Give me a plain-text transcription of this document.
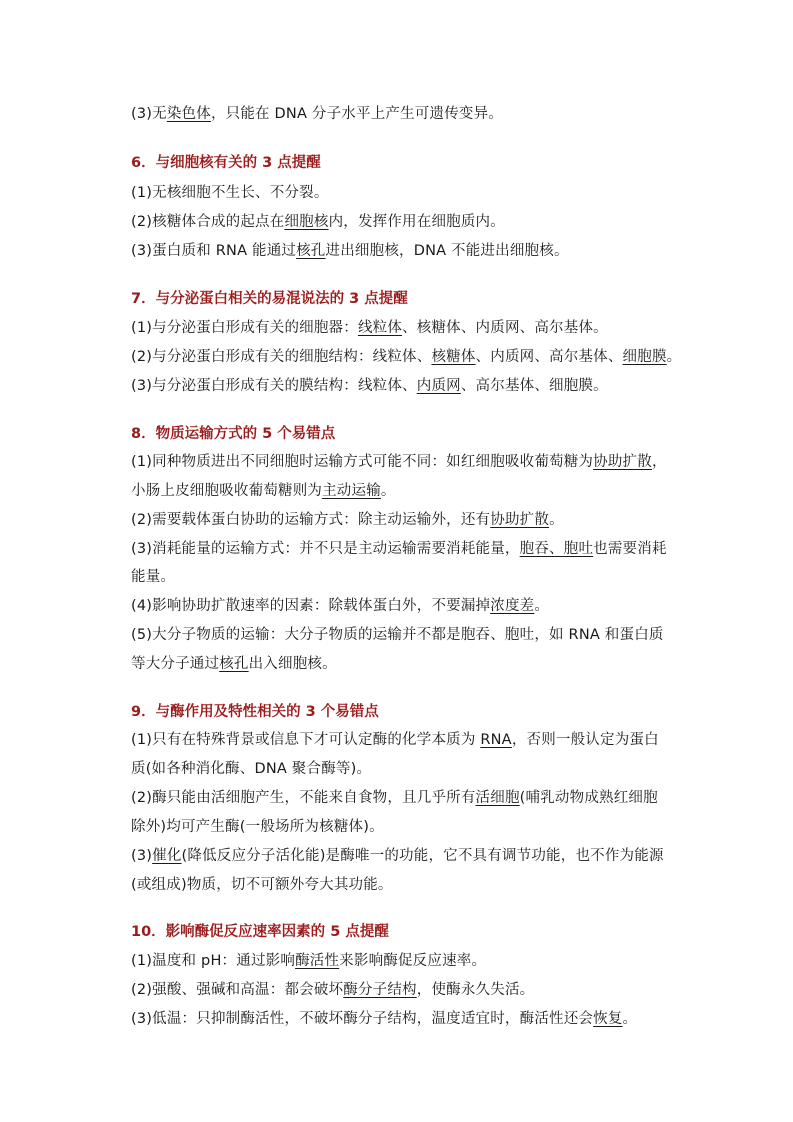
(3)无染色体，只能在 DNA 分子水平上产生可遗传变异。
6．与细胞核有关的 3 点提醒
(1)无核细胞不生长、不分裂。
(2)核糖体合成的起点在细胞核内，发挥作用在细胞质内。
(3)蛋白质和 RNA 能通过核孔进出细胞核，DNA 不能进出细胞核。
7．与分泌蛋白相关的易混说法的 3 点提醒
(1)与分泌蛋白形成有关的细胞器：线粒体、核糖体、内质网、高尔基体。
(2)与分泌蛋白形成有关的细胞结构：线粒体、核糖体、内质网、高尔基体、细胞膜。
(3)与分泌蛋白形成有关的膜结构：线粒体、内质网、高尔基体、细胞膜。
8．物质运输方式的 5 个易错点
(1)同种物质进出不同细胞时运输方式可能不同：如红细胞吸收葡萄糖为协助扩散，
小肠上皮细胞吸收葡萄糖则为主动运输。
(2)需要载体蛋白协助的运输方式：除主动运输外，还有协助扩散。
(3)消耗能量的运输方式：并不只是主动运输需要消耗能量，胞吞、胞吐也需要消耗
能量。
(4)影响协助扩散速率的因素：除载体蛋白外，不要漏掉浓度差。
(5)大分子物质的运输：大分子物质的运输并不都是胞吞、胞吐，如 RNA 和蛋白质
等大分子通过核孔出入细胞核。
9．与酶作用及特性相关的 3 个易错点
(1)只有在特殊背景或信息下才可认定酶的化学本质为 RNA，否则一般认定为蛋白
质(如各种消化酶、DNA 聚合酶等)。
(2)酶只能由活细胞产生，不能来自食物，且几乎所有活细胞(哺乳动物成熟红细胞
除外)均可产生酶(一般场所为核糖体)。
(3)催化(降低反应分子活化能)是酶唯一的功能，它不具有调节功能，也不作为能源
(或组成)物质，切不可额外夸大其功能。
10．影响酶促反应速率因素的 5 点提醒
(1)温度和 pH：通过影响酶活性来影响酶促反应速率。
(2)强酸、强碱和高温：都会破坏酶分子结构，使酶永久失活。
(3)低温：只抑制酶活性，不破坏酶分子结构，温度适宜时，酶活性还会恢复。
